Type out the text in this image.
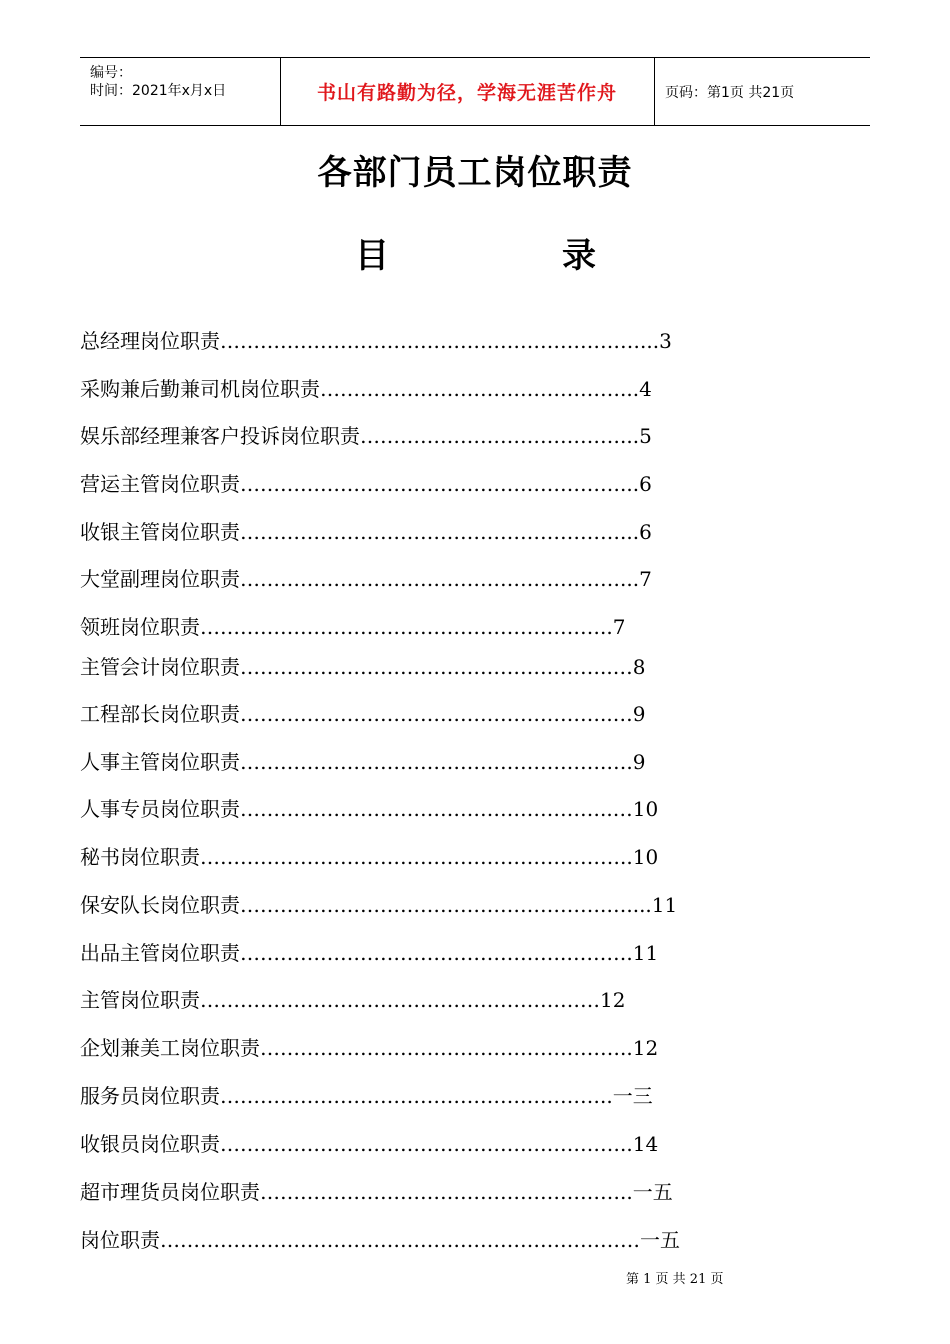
编号：
时间：2021年x月x日	书山有路勤为径，学海无涯苦作舟	页码：第1页 共21页
各部门员工岗位职责
目	录
总经理岗位职责………………………………………………………...3
采购兼后勤兼司机岗位职责………………………………………...4
娱乐部经理兼客户投诉岗位职责…………………………………...5
营运主管岗位职责…………………………………………………...6
收银主管岗位职责…………………………………………………...6
大堂副理岗位职责…………………………………………………...7
领班岗位职责……………………………………………………..7
主管会计岗位职责………………………………………………..…8
工程部长岗位职责………………………………………………..…9
人事主管岗位职责……………………………………………….….9
人事专员岗位职责………………………………………………..…10
秘书岗位职责………………………………………………………..10
保安队长岗位职责……………………………………………….…....11
出品主管岗位职责………………………………………….……….11
主管岗位职责……………………………………………………12
企划兼美工岗位职责………………………………………………..12
服务员岗位职责…………………………………………………..一三
收银员岗位职责……………………………………………………..14
超市理货员岗位职责………………………………………………..一五
岗位职责………………………………………………………………一五
第 1 页 共 21 页
